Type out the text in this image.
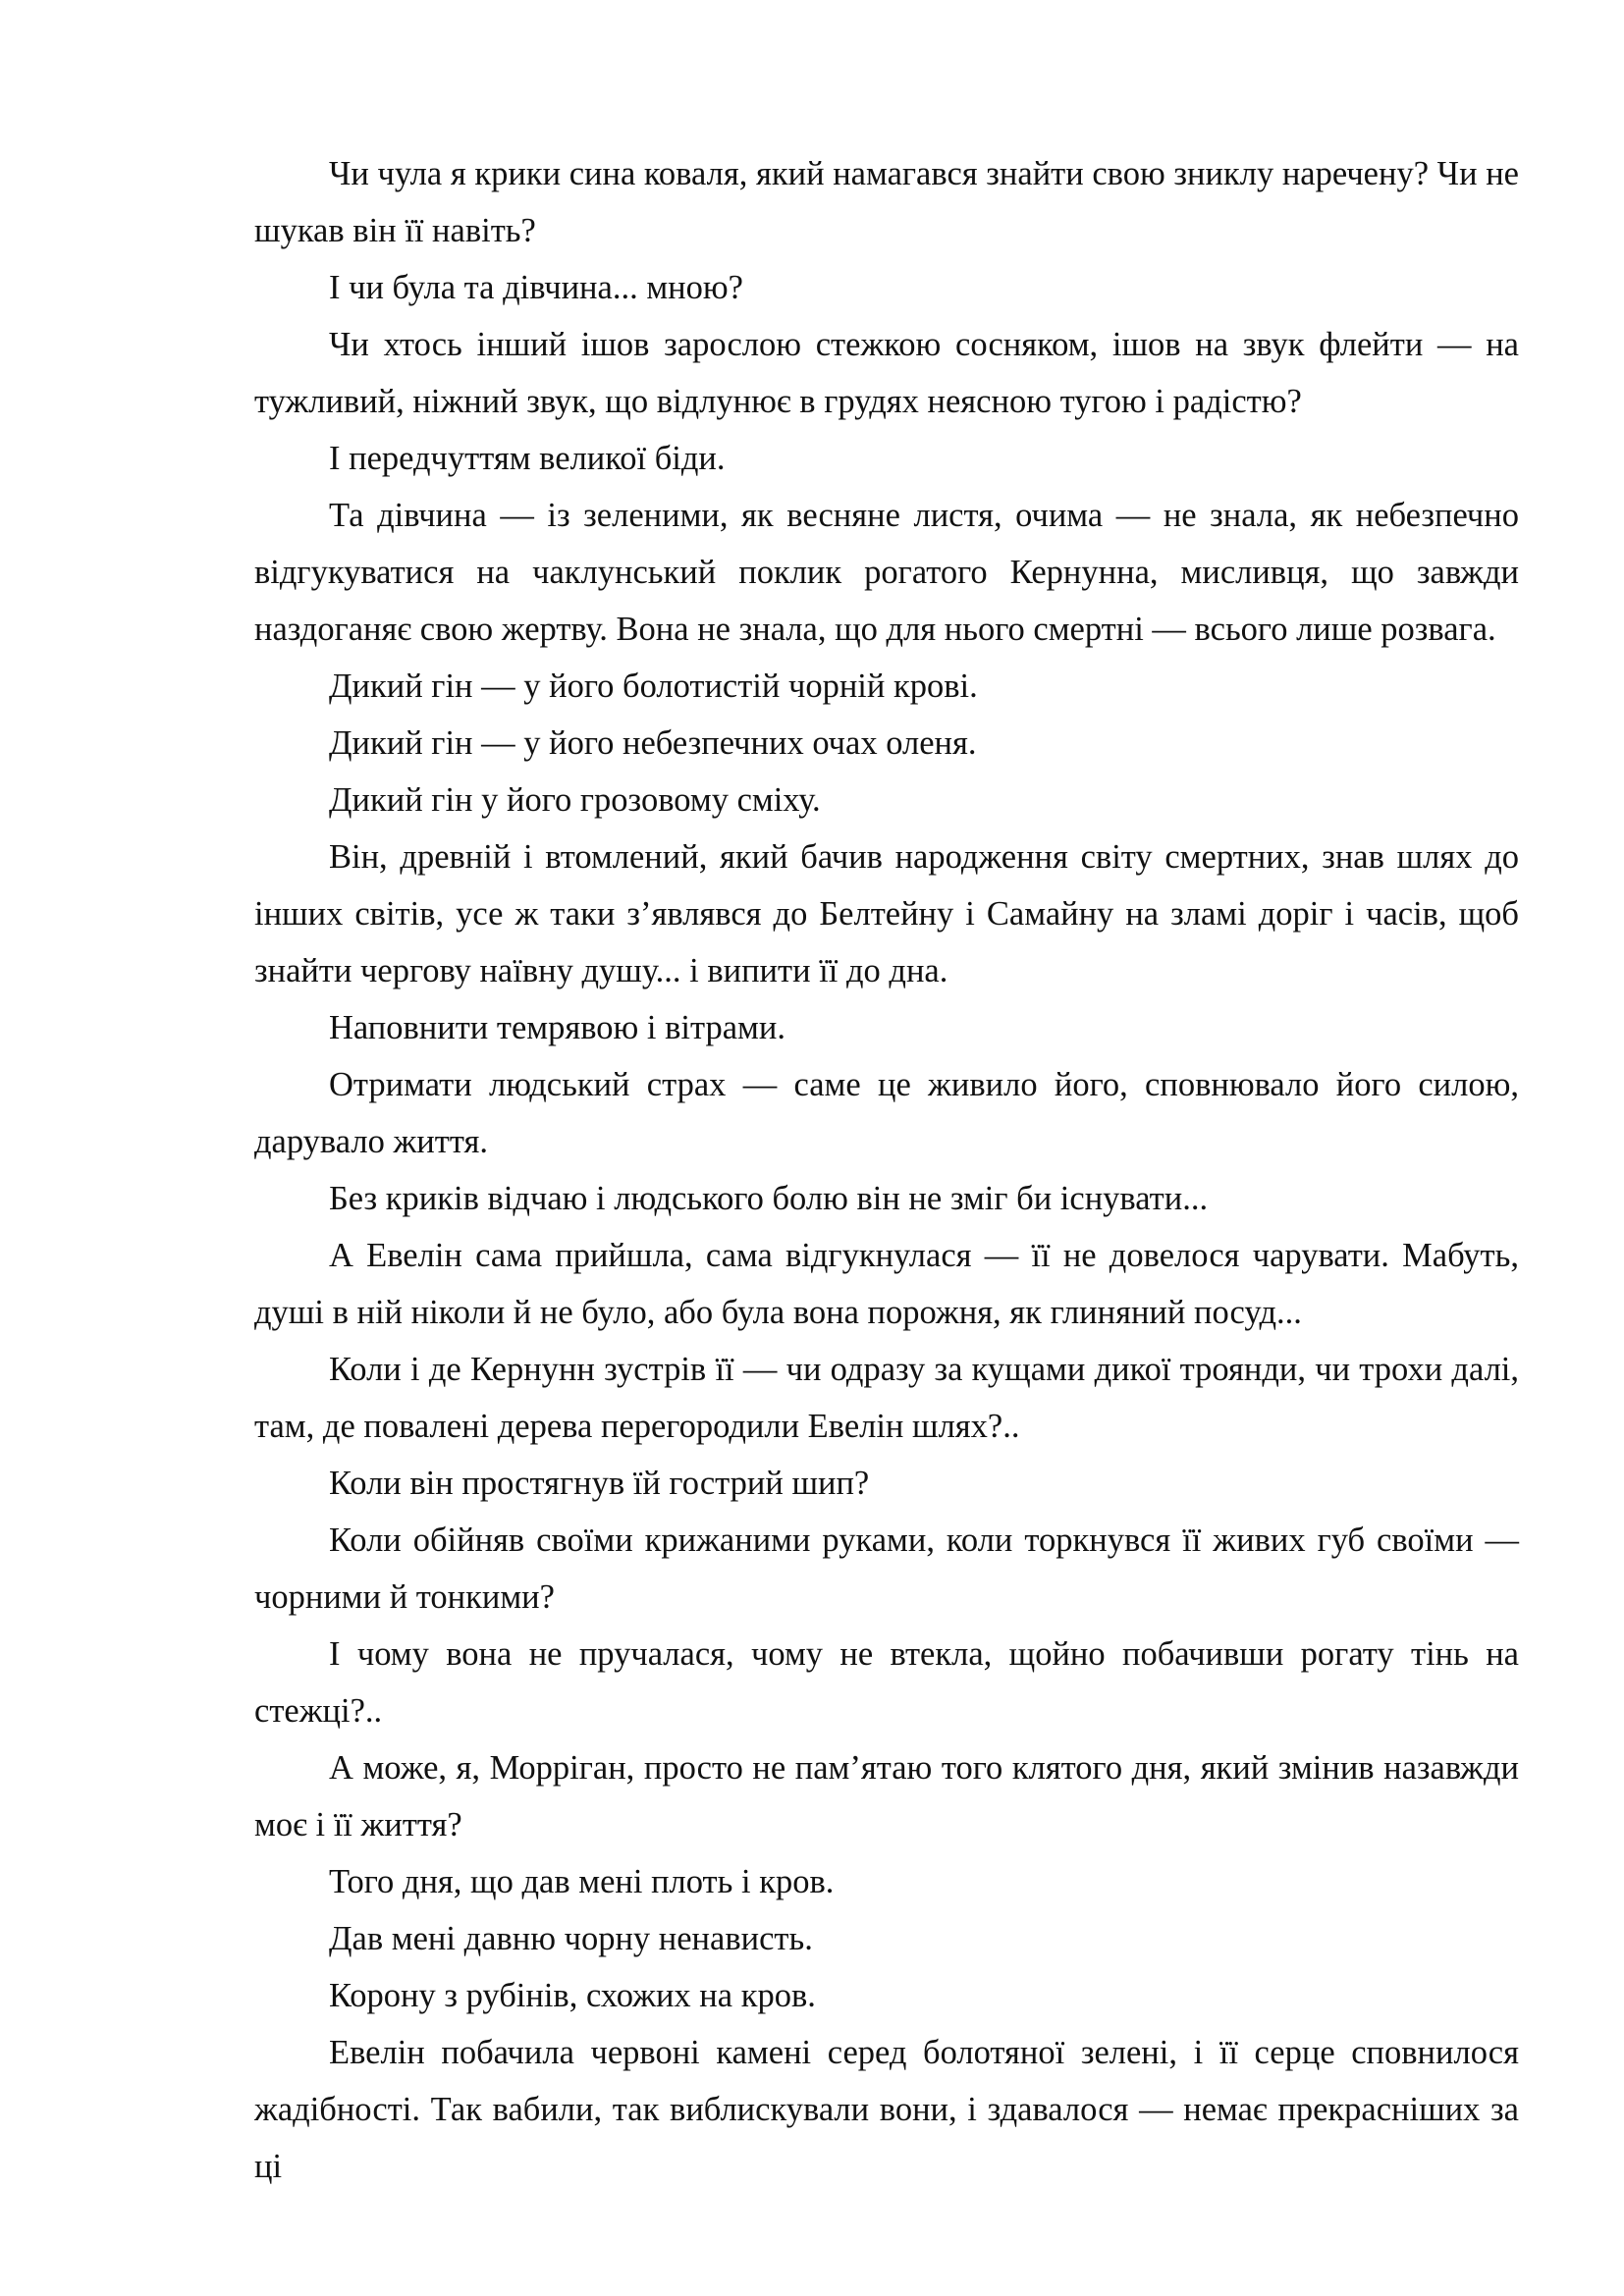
Чи чула я крики сина коваля, який намагався знайти свою зниклу наречену? Чи не шукав він її навіть?

І чи була та дівчина... мною?

Чи хтось інший ішов зарослою стежкою сосняком, ішов на звук флейти — на тужливий, ніжний звук, що відлунює в грудях неясною тугою і радістю?

І передчуттям великої біди.

Та дівчина — із зеленими, як весняне листя, очима — не знала, як небезпечно відгукуватися на чаклунський поклик рогатого Кернунна, мисливця, що завжди наздоганяє свою жертву. Вона не знала, що для нього смертні — всього лише розвага.

Дикий гін — у його болотистій чорній крові.

Дикий гін — у його небезпечних очах оленя.

Дикий гін у його грозовому сміху.

Він, древній і втомлений, який бачив народження світу смертних, знав шлях до інших світів, усе ж таки з’являвся до Белтейну і Самайну на зламі доріг і часів, щоб знайти чергову наївну душу... і випити її до дна.

Наповнити темрявою і вітрами.

Отримати людський страх — саме це живило його, сповнювало його силою, дарувало життя.

Без криків відчаю і людського болю він не зміг би існувати...

А Евелін сама прийшла, сама відгукнулася — її не довелося чарувати. Мабуть, душі в ній ніколи й не було, або була вона порожня, як глиняний посуд...

Коли і де Кернунн зустрів її — чи одразу за кущами дикої троянди, чи трохи далі, там, де повалені дерева перегородили Евелін шлях?..

Коли він простягнув їй гострий шип?

Коли обійняв своїми крижаними руками, коли торкнувся її живих губ своїми — чорними й тонкими?

І чому вона не пручалася, чому не втекла, щойно побачивши рогату тінь на стежці?..

А може, я, Морріган, просто не пам’ятаю того клятого дня, який змінив назавжди моє і її життя?

Того дня, що дав мені плоть і кров.

Дав мені давню чорну ненависть.

Корону з рубінів, схожих на кров.

Евелін побачила червоні камені серед болотяної зелені, і її серце сповнилося жадібності. Так вабили, так виблискували вони, і здавалося — немає прекрасніших за ці
